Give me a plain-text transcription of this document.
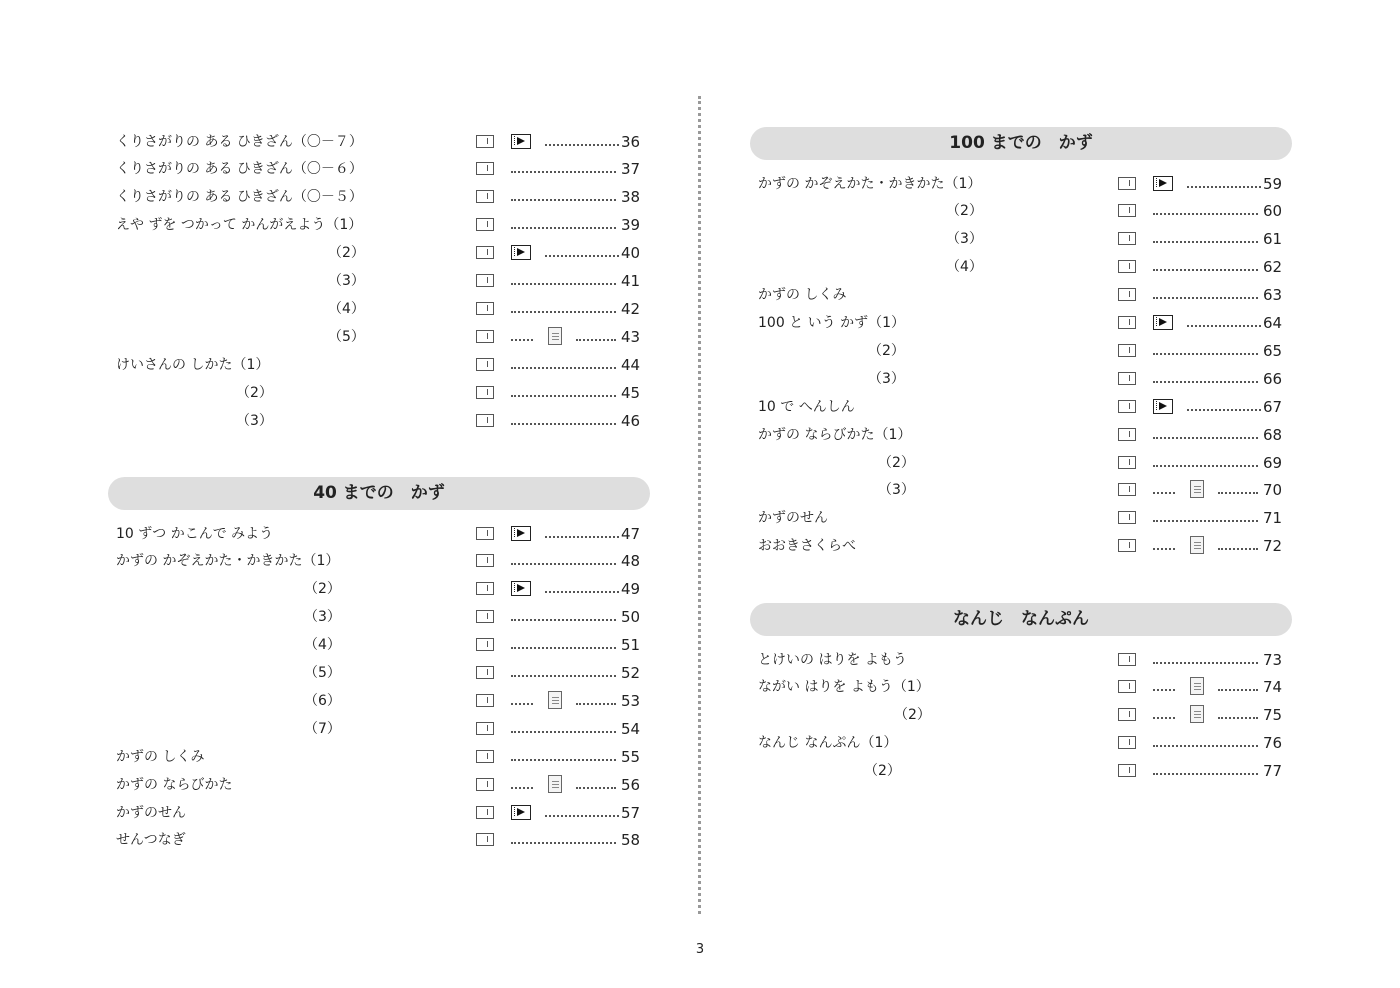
くりさがりの ある ひきざん（〇－７）	36
くりさがりの ある ひきざん（〇－６）	37
くりさがりの ある ひきざん（〇－５）	38
えや ずを つかって かんがえよう（1）	39
（2）	40
（3）	41
（4）	42
（5）	43
けいさんの しかた（1）	44
（2）	45
（3）	46
40 までの　かず
10 ずつ かこんで みよう	47
かずの かぞえかた・かきかた（1）	48
（2）	49
（3）	50
（4）	51
（5）	52
（6）	53
（7）	54
かずの しくみ	55
かずの ならびかた	56
かずのせん	57
せんつなぎ	58
100 までの　かず
かずの かぞえかた・かきかた（1）	59
（2）	60
（3）	61
（4）	62
かずの しくみ	63
100 と いう かず（1）	64
（2）	65
（3）	66
10 で へんしん	67
かずの ならびかた（1）	68
（2）	69
（3）	70
かずのせん	71
おおきさくらべ	72
なんじ　なんぷん
とけいの はりを よもう	73
ながい はりを よもう（1）	74
（2）	75
なんじ なんぷん（1）	76
（2）	77
3
